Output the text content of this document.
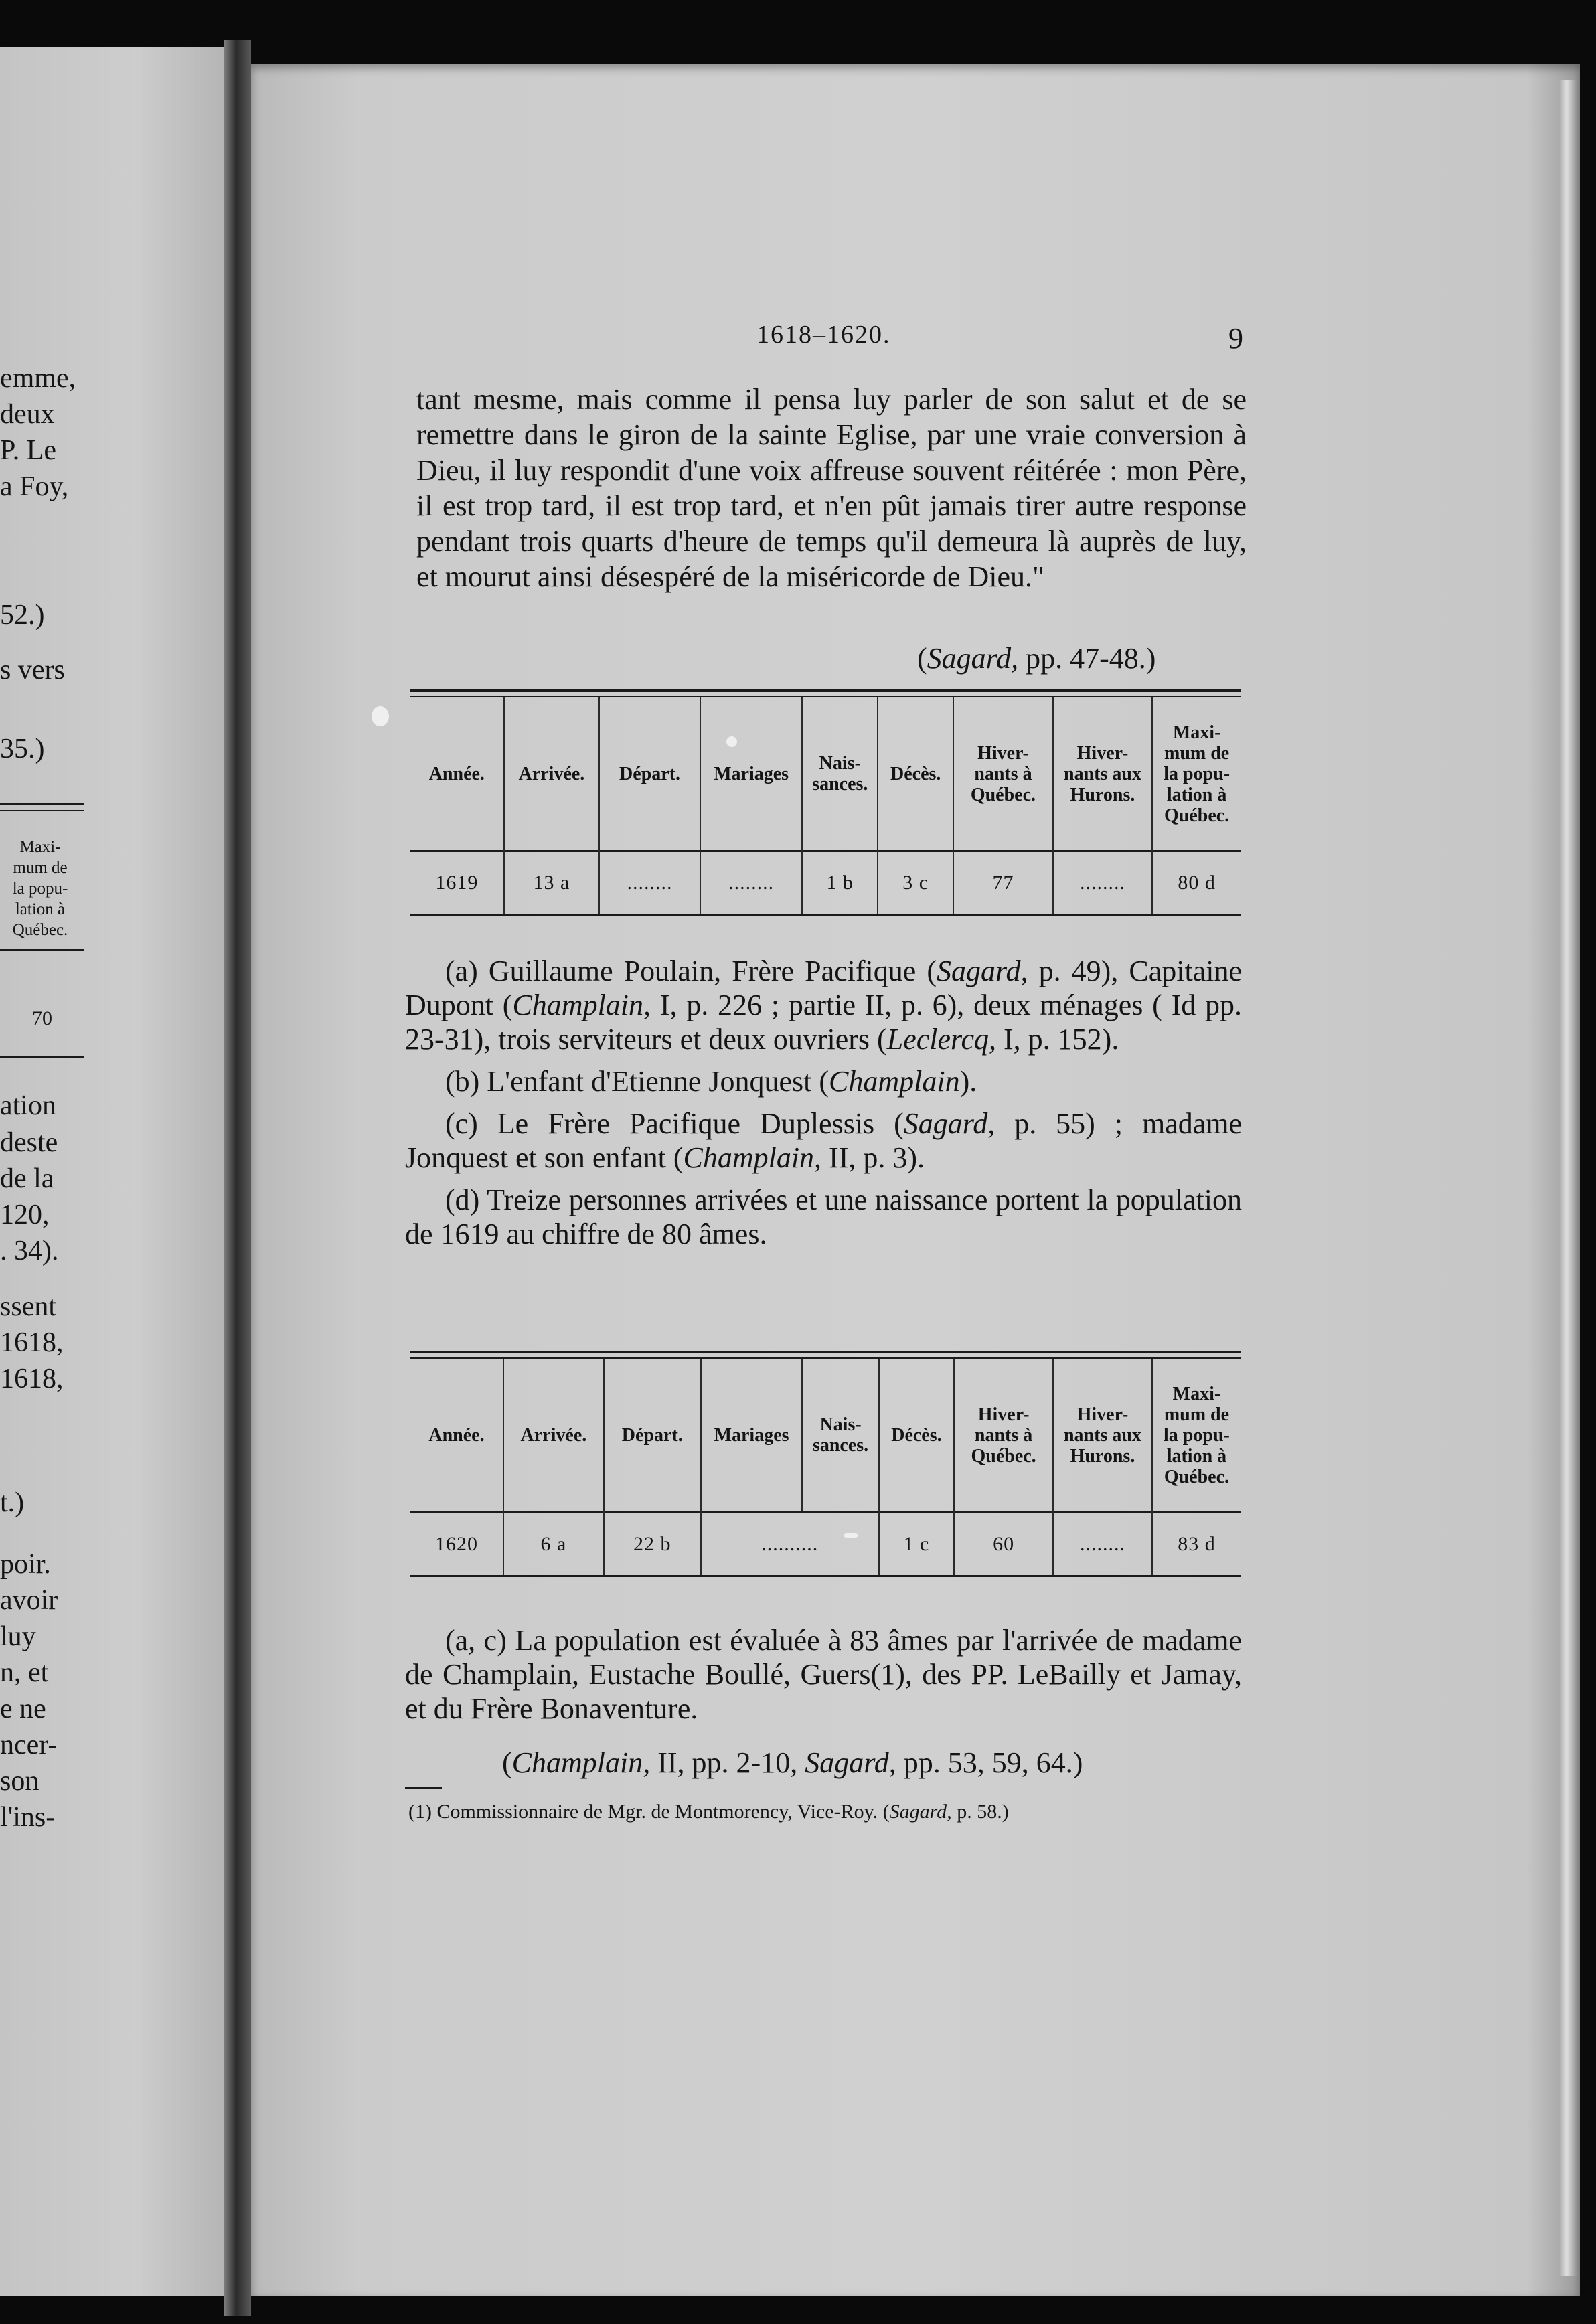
emme,
deux
P. Le
a Foy,
52.)
s vers
35.)
Maxi-
mum de
la popu-
lation à
Québec.
70
ation
deste
de la
120,
. 34).
ssent
1618,
1618,
t.)
poir.
avoir
luy
n, et
e ne
ncer-
son
l'ins-
1618–1620.	9

tant mesme, mais comme il pensa luy parler de son salut et de se remettre dans le giron de la sainte Eglise, par une vraie conversion à Dieu, il luy respondit d'une voix affreuse souvent réitérée : mon Père, il est trop tard, il est trop tard, et n'en pût jamais tirer autre response pendant trois quarts d'heure de temps qu'il demeura là auprès de luy, et mourut ainsi désespéré de la miséricorde de Dieu."

(Sagard, pp. 47-48.)
Année.
1619
Arrivée.
13 a
Départ.
........
Mariages
........
Nais-
sances.
1 b
Décès.
3 c
Hiver-
nants à
Québec.
77
Hiver-
nants aux
Hurons.
........
Maxi-
mum de
la popu-
lation à
Québec.
80 d

(a) Guillaume Poulain, Frère Pacifique (Sagard, p. 49), Capitaine Dupont (Champlain, I, p. 226 ; partie II, p. 6), deux ménages ( Id pp. 23-31), trois serviteurs et deux ouvriers (Leclercq, I, p. 152).

(b) L'enfant d'Etienne Jonquest (Champlain).

(c) Le Frère Pacifique Duplessis (Sagard, p. 55) ; madame Jonquest et son enfant (Champlain, II, p. 3).

(d) Treize personnes arrivées et une naissance portent la population de 1619 au chiffre de 80 âmes.

Année.
1620
Arrivée.
6 a
Départ.
22 b
Mariages	Nais-
sances.
..........
Décès.
1 c
Hiver-
nants à
Québec.
60
Hiver-
nants aux
Hurons.
........
Maxi-
mum de
la popu-
lation à
Québec.
83 d

(a, c) La population est évaluée à 83 âmes par l'arrivée de madame de Champlain, Eustache Boullé, Guers(1), des PP. LeBailly et Jamay, et du Frère Bonaventure.

(Champlain, II, pp. 2-10, Sagard, pp. 53, 59, 64.)
(1) Commissionnaire de Mgr. de Montmorency, Vice-Roy. (Sagard, p. 58.)
